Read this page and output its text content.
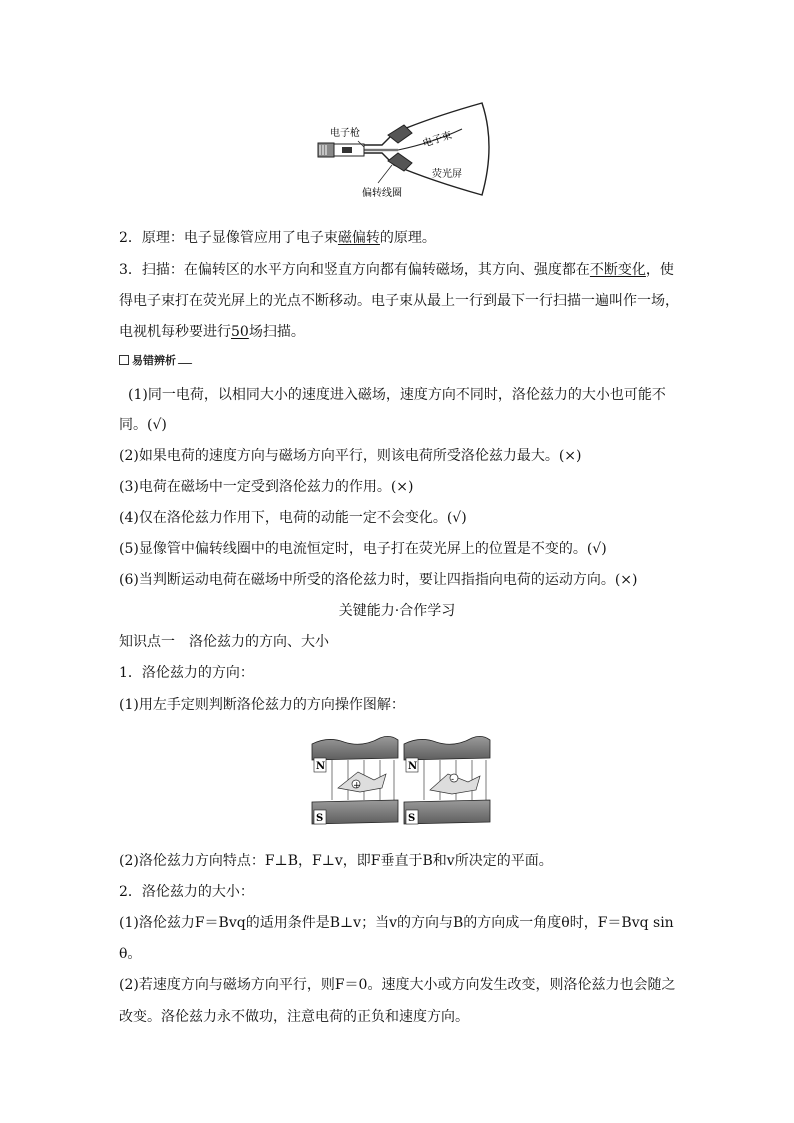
电子枪	电子束
荧光屏
偏转线圈
2．原理：电子显像管应用了电子束磁偏转的原理。
3．扫描：在偏转区的水平方向和竖直方向都有偏转磁场，其方向、强度都在不断变化，使
得电子束打在荧光屏上的光点不断移动。电子束从最上一行到最下一行扫描一遍叫作一场，
电视机每秒要进行50场扫描。
易错辨析
(1)同一电荷，以相同大小的速度进入磁场，速度方向不同时，洛伦兹力的大小也可能不
同。(√)
(2)如果电荷的速度方向与磁场方向平行，则该电荷所受洛伦兹力最大。(×)
(3)电荷在磁场中一定受到洛伦兹力的作用。(×)
(4)仅在洛伦兹力作用下，电荷的动能一定不会变化。(√)
(5)显像管中偏转线圈中的电流恒定时，电子打在荧光屏上的位置是不变的。(√)
(6)当判断运动电荷在磁场中所受的洛伦兹力时，要让四指指向电荷的运动方向。(×)
关键能力·合作学习
知识点一　洛伦兹力的方向、大小
1．洛伦兹力的方向：
(1)用左手定则判断洛伦兹力的方向操作图解：
N
S
+
N
S
-
(2)洛伦兹力方向特点：F⊥B，F⊥v，即F垂直于B和v所决定的平面。
2．洛伦兹力的大小：
(1)洛伦兹力F＝Bvq的适用条件是B⊥v；当v的方向与B的方向成一角度θ时，F＝Bvq sin
θ。
(2)若速度方向与磁场方向平行，则F＝0。速度大小或方向发生改变，则洛伦兹力也会随之
改变。洛伦兹力永不做功，注意电荷的正负和速度方向。
